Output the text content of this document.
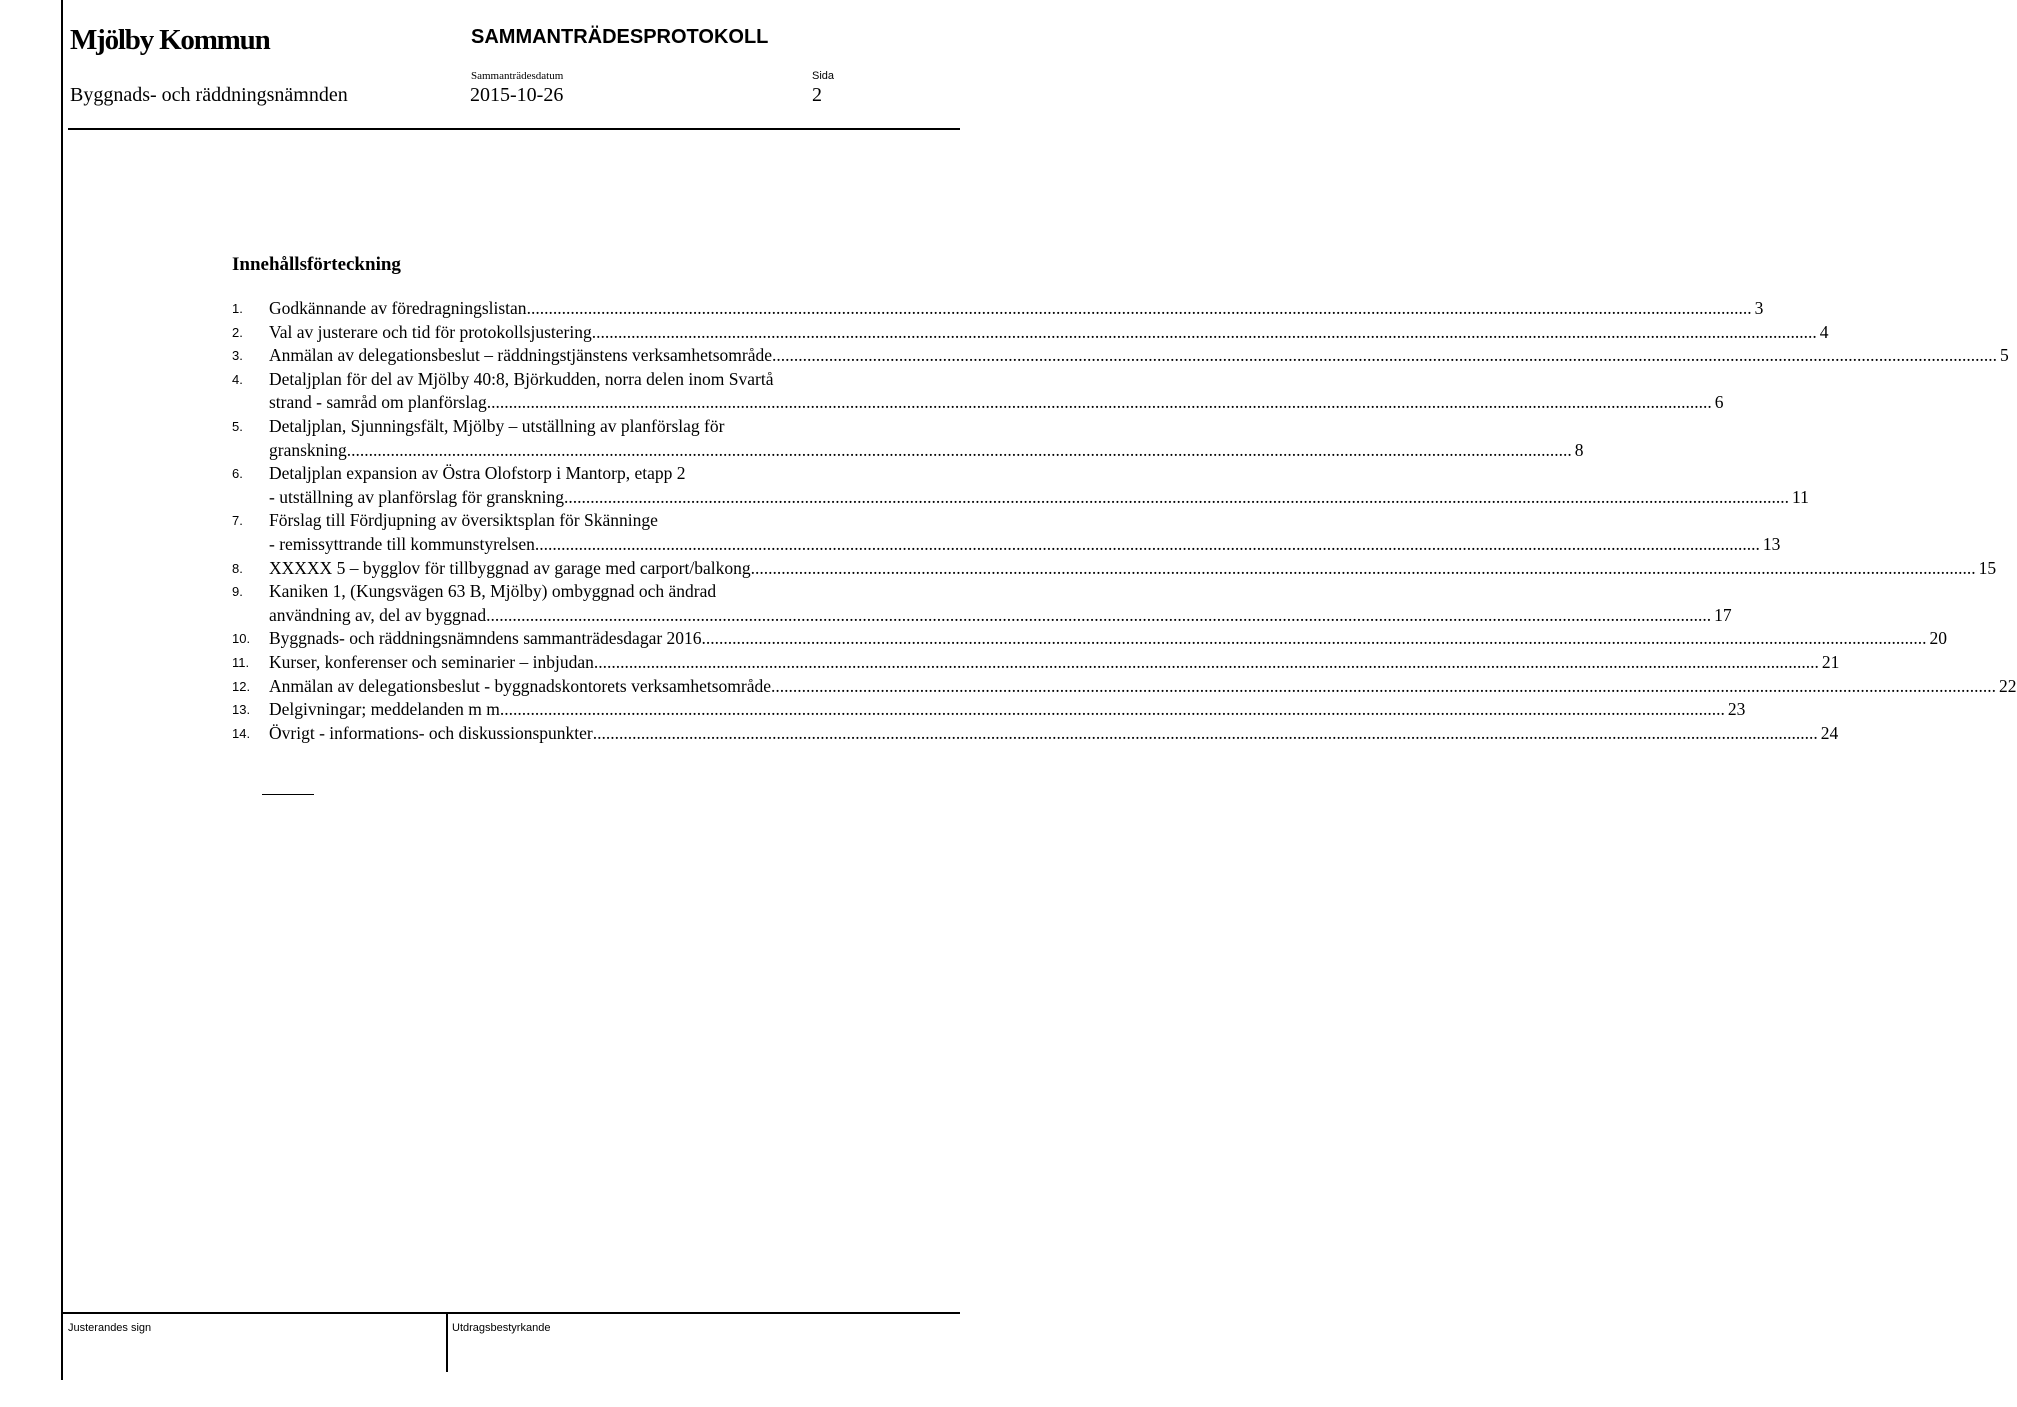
Mjölby Kommun	SAMMANTRÄDESPROTOKOLL
Byggnads- och räddningsnämnden
Sammanträdesdatum
2015-10-26
Sida
2
Innehållsförteckning
1.	Godkännande av föredragningslistan .....	3
2.	Val av justerare och tid för protokollsjustering .....	4
3.	Anmälan av delegationsbeslut – räddningstjänstens verksamhetsområde .....	5
4.	Detaljplan för del av Mjölby 40:8, Björkudden, norra delen inom Svartå
strand - samråd om planförslag .....	6
5.	Detaljplan, Sjunningsfält, Mjölby – utställning av planförslag för
granskning .....	8
6.	Detaljplan expansion av Östra Olofstorp i Mantorp, etapp 2
- utställning av planförslag för granskning .....	11
7.	Förslag till Fördjupning av översiktsplan för Skänninge
- remissyttrande till kommunstyrelsen .....	13
8.	XXXXX 5 – bygglov för tillbyggnad av garage med carport/balkong .....	15
9.	Kaniken 1, (Kungsvägen 63 B, Mjölby) ombyggnad och ändrad
användning av, del av byggnad .....	17
10.	Byggnads- och räddningsnämndens sammanträdesdagar 2016 .....	20
11.	Kurser, konferenser och seminarier – inbjudan .....	21
12.	Anmälan av delegationsbeslut - byggnadskontorets verksamhetsområde .....	22
13.	Delgivningar; meddelanden m m .....	23
14.	Övrigt - informations- och diskussionspunkter .....	24
Justerandes sign	Utdragsbestyrkande
